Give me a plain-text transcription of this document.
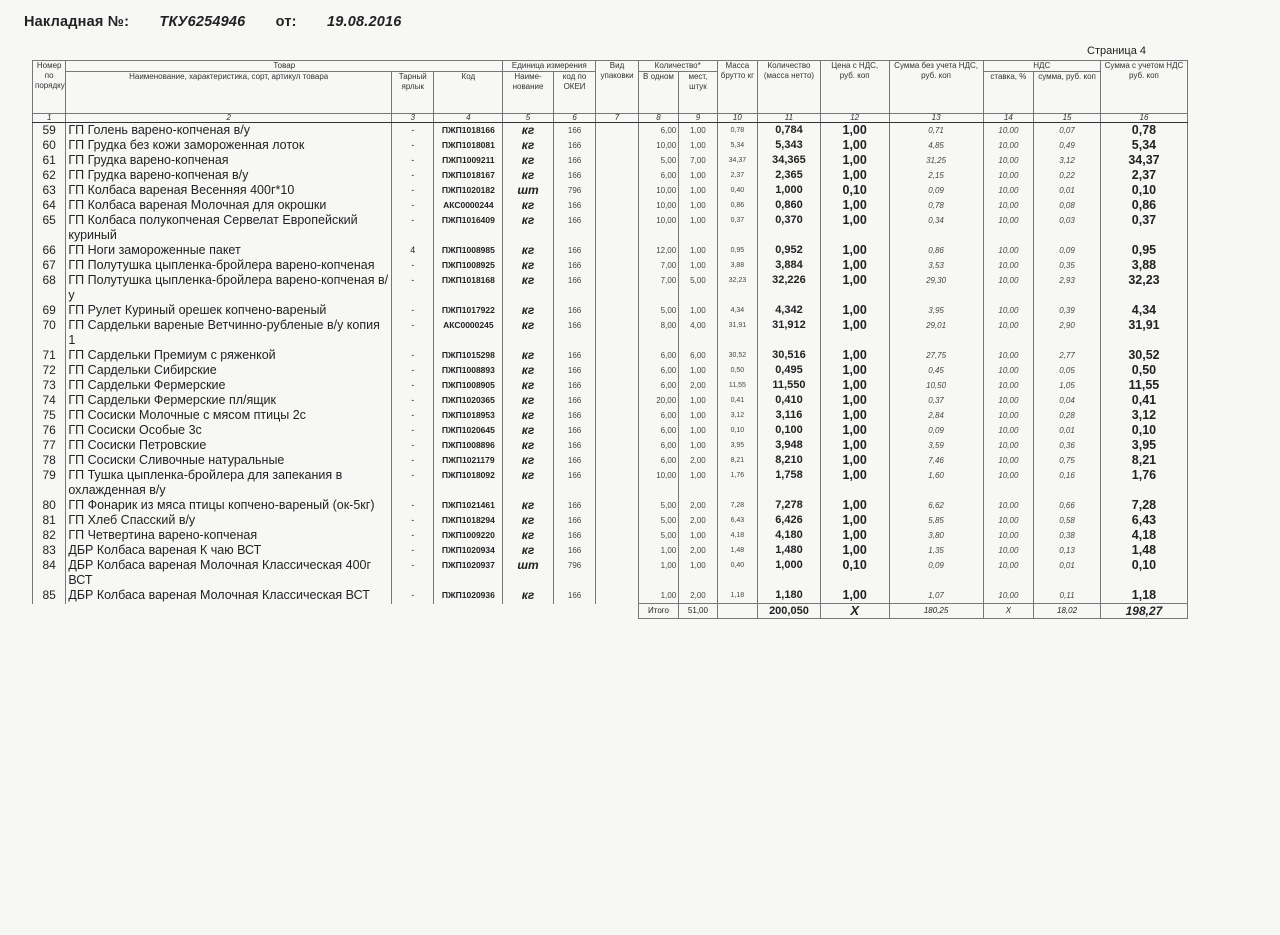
Накладная №: ТКУ6254946 от: 19.08.2016
Страница 4
Номер по порядку	Товар			Единица измерения		Вид упаковки	Количество*		Масса брутто кг	Количество (масса нетто)	Цена с НДС, руб. коп	Сумма без учета НДС, руб. коп	НДС		Сумма с учетом НДС руб. коп
	Наименование, характеристика, сорт, артикул товара	Тарный ярлык	Код	Наиме- нование	код по ОКЕИ		В одном	мест, штук					ставка, %	сумма, руб. коп	
1	2	3	4	5	6	7	8	9	10	11	12	13	14	15	16
59	ГП Голень варено-копченая в/у	-	ПЖП1018166	кг	166		6,00	1,00	0,78	0,784	1,00	0,71	10,00	0,07	0,78
60	ГП Грудка без кожи замороженная лоток	-	ПЖП1018081	кг	166		10,00	1,00	5,34	5,343	1,00	4,85	10,00	0,49	5,34
61	ГП Грудка варено-копченая	-	ПЖП1009211	кг	166		5,00	7,00	34,37	34,365	1,00	31,25	10,00	3,12	34,37
62	ГП Грудка варено-копченая в/у	-	ПЖП1018167	кг	166		6,00	1,00	2,37	2,365	1,00	2,15	10,00	0,22	2,37
63	ГП Колбаса вареная Весенняя 400г*10	-	ПЖП1020182	шт	796		10,00	1,00	0,40	1,000	0,10	0,09	10,00	0,01	0,10
64	ГП Колбаса вареная Молочная для окрошки	-	АКС0000244	кг	166		10,00	1,00	0,86	0,860	1,00	0,78	10,00	0,08	0,86
65	ГП Колбаса полукопченая Сервелат Европейский куриный	-	ПЖП1016409	кг	166		10,00	1,00	0,37	0,370	1,00	0,34	10,00	0,03	0,37
66	ГП Ноги замороженные пакет	4	ПЖП1008985	кг	166		12,00	1,00	0,95	0,952	1,00	0,86	10,00	0,09	0,95
67	ГП Полутушка цыпленка-бройлера варено-копченая	-	ПЖП1008925	кг	166		7,00	1,00	3,88	3,884	1,00	3,53	10,00	0,35	3,88
68	ГП Полутушка цыпленка-бройлера варено-копченая в/у	-	ПЖП1018168	кг	166		7,00	5,00	32,23	32,226	1,00	29,30	10,00	2,93	32,23
69	ГП Рулет Куриный орешек копчено-вареный	-	ПЖП1017922	кг	166		5,00	1,00	4,34	4,342	1,00	3,95	10,00	0,39	4,34
70	ГП Сардельки вареные Ветчинно-рубленые в/у копия 1	-	АКС0000245	кг	166		8,00	4,00	31,91	31,912	1,00	29,01	10,00	2,90	31,91
71	ГП Сардельки Премиум с ряженкой	-	ПЖП1015298	кг	166		6,00	6,00	30,52	30,516	1,00	27,75	10,00	2,77	30,52
72	ГП Сардельки Сибирские	-	ПЖП1008893	кг	166		6,00	1,00	0,50	0,495	1,00	0,45	10,00	0,05	0,50
73	ГП Сардельки Фермерские	-	ПЖП1008905	кг	166		6,00	2,00	11,55	11,550	1,00	10,50	10,00	1,05	11,55
74	ГП Сардельки Фермерские пл/ящик	-	ПЖП1020365	кг	166		20,00	1,00	0,41	0,410	1,00	0,37	10,00	0,04	0,41
75	ГП Сосиски Молочные с мясом птицы 2с	-	ПЖП1018953	кг	166		6,00	1,00	3,12	3,116	1,00	2,84	10,00	0,28	3,12
76	ГП Сосиски Особые 3с	-	ПЖП1020645	кг	166		6,00	1,00	0,10	0,100	1,00	0,09	10,00	0,01	0,10
77	ГП Сосиски Петровские	-	ПЖП1008896	кг	166		6,00	1,00	3,95	3,948	1,00	3,59	10,00	0,36	3,95
78	ГП Сосиски Сливочные натуральные	-	ПЖП1021179	кг	166		6,00	2,00	8,21	8,210	1,00	7,46	10,00	0,75	8,21
79	ГП Тушка цыпленка-бройлера для запекания в охлажденная в/у	-	ПЖП1018092	кг	166		10,00	1,00	1,76	1,758	1,00	1,60	10,00	0,16	1,76
80	ГП Фонарик из мяса птицы копчено-вареный (ок-5кг)	-	ПЖП1021461	кг	166		5,00	2,00	7,28	7,278	1,00	6,62	10,00	0,66	7,28
81	ГП Хлеб Спасский в/у	-	ПЖП1018294	кг	166		5,00	2,00	6,43	6,426	1,00	5,85	10,00	0,58	6,43
82	ГП Четвертина варено-копченая	-	ПЖП1009220	кг	166		5,00	1,00	4,18	4,180	1,00	3,80	10,00	0,38	4,18
83	ДБР Колбаса вареная К чаю ВСТ	-	ПЖП1020934	кг	166		1,00	2,00	1,48	1,480	1,00	1,35	10,00	0,13	1,48
84	ДБР Колбаса вареная Молочная Классическая 400г ВСТ	-	ПЖП1020937	шт	796		1,00	1,00	0,40	1,000	0,10	0,09	10,00	0,01	0,10
85	ДБР Колбаса вареная Молочная Классическая ВСТ	-	ПЖП1020936	кг	166		1,00	2,00	1,18	1,180	1,00	1,07	10,00	0,11	1,18
							Итого	51,00		200,050	X	180,25	X	18,02	198,27
